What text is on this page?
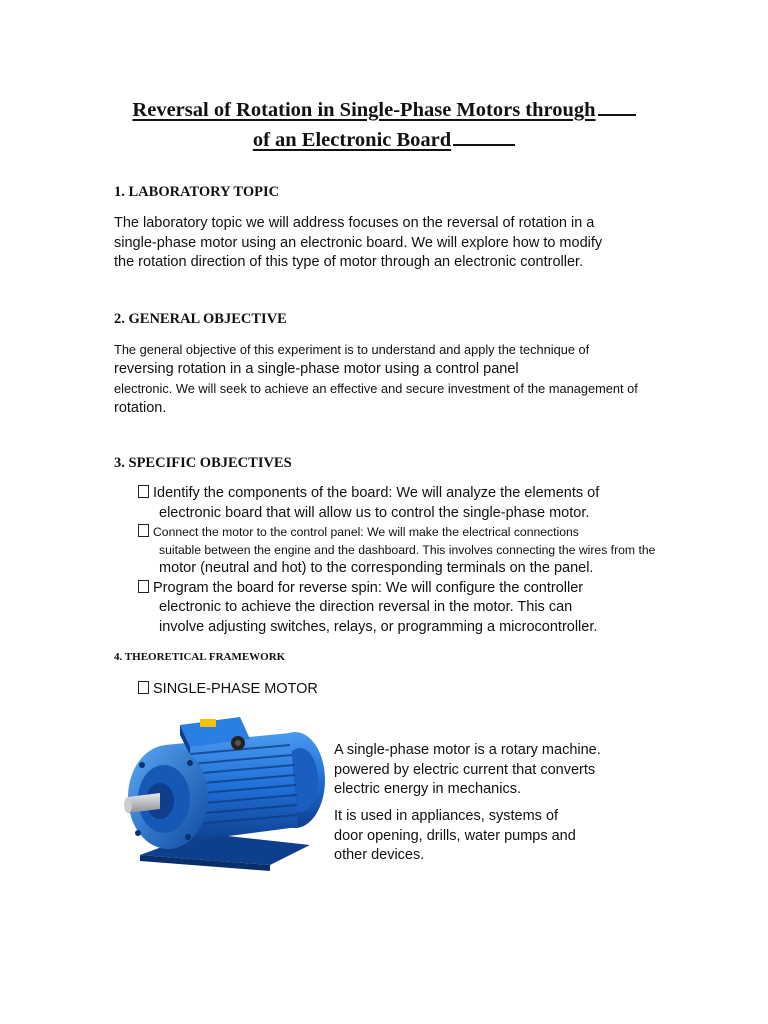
Reversal of Rotation in Single-Phase Motors through
of an Electronic Board
1. LABORATORY TOPIC
The laboratory topic we will address focuses on the reversal of rotation in a
single-phase motor using an electronic board. We will explore how to modify
the rotation direction of this type of motor through an electronic controller.
2. GENERAL OBJECTIVE
The general objective of this experiment is to understand and apply the technique of
reversing rotation in a single-phase motor using a control panel
electronic. We will seek to achieve an effective and secure investment of the management of
rotation.
3. SPECIFIC OBJECTIVES
Identify the components of the board: We will analyze the elements of
electronic board that will allow us to control the single-phase motor.
Connect the motor to the control panel: We will make the electrical connections
suitable between the engine and the dashboard. This involves connecting the wires from the
motor (neutral and hot) to the corresponding terminals on the panel.
Program the board for reverse spin: We will configure the controller
electronic to achieve the direction reversal in the motor. This can
involve adjusting switches, relays, or programming a microcontroller.
4. THEORETICAL FRAMEWORK
SINGLE-PHASE MOTOR
A single-phase motor is a rotary machine.
powered by electric current that converts
electric energy in mechanics.
It is used in appliances, systems of
door opening, drills, water pumps and
other devices.
